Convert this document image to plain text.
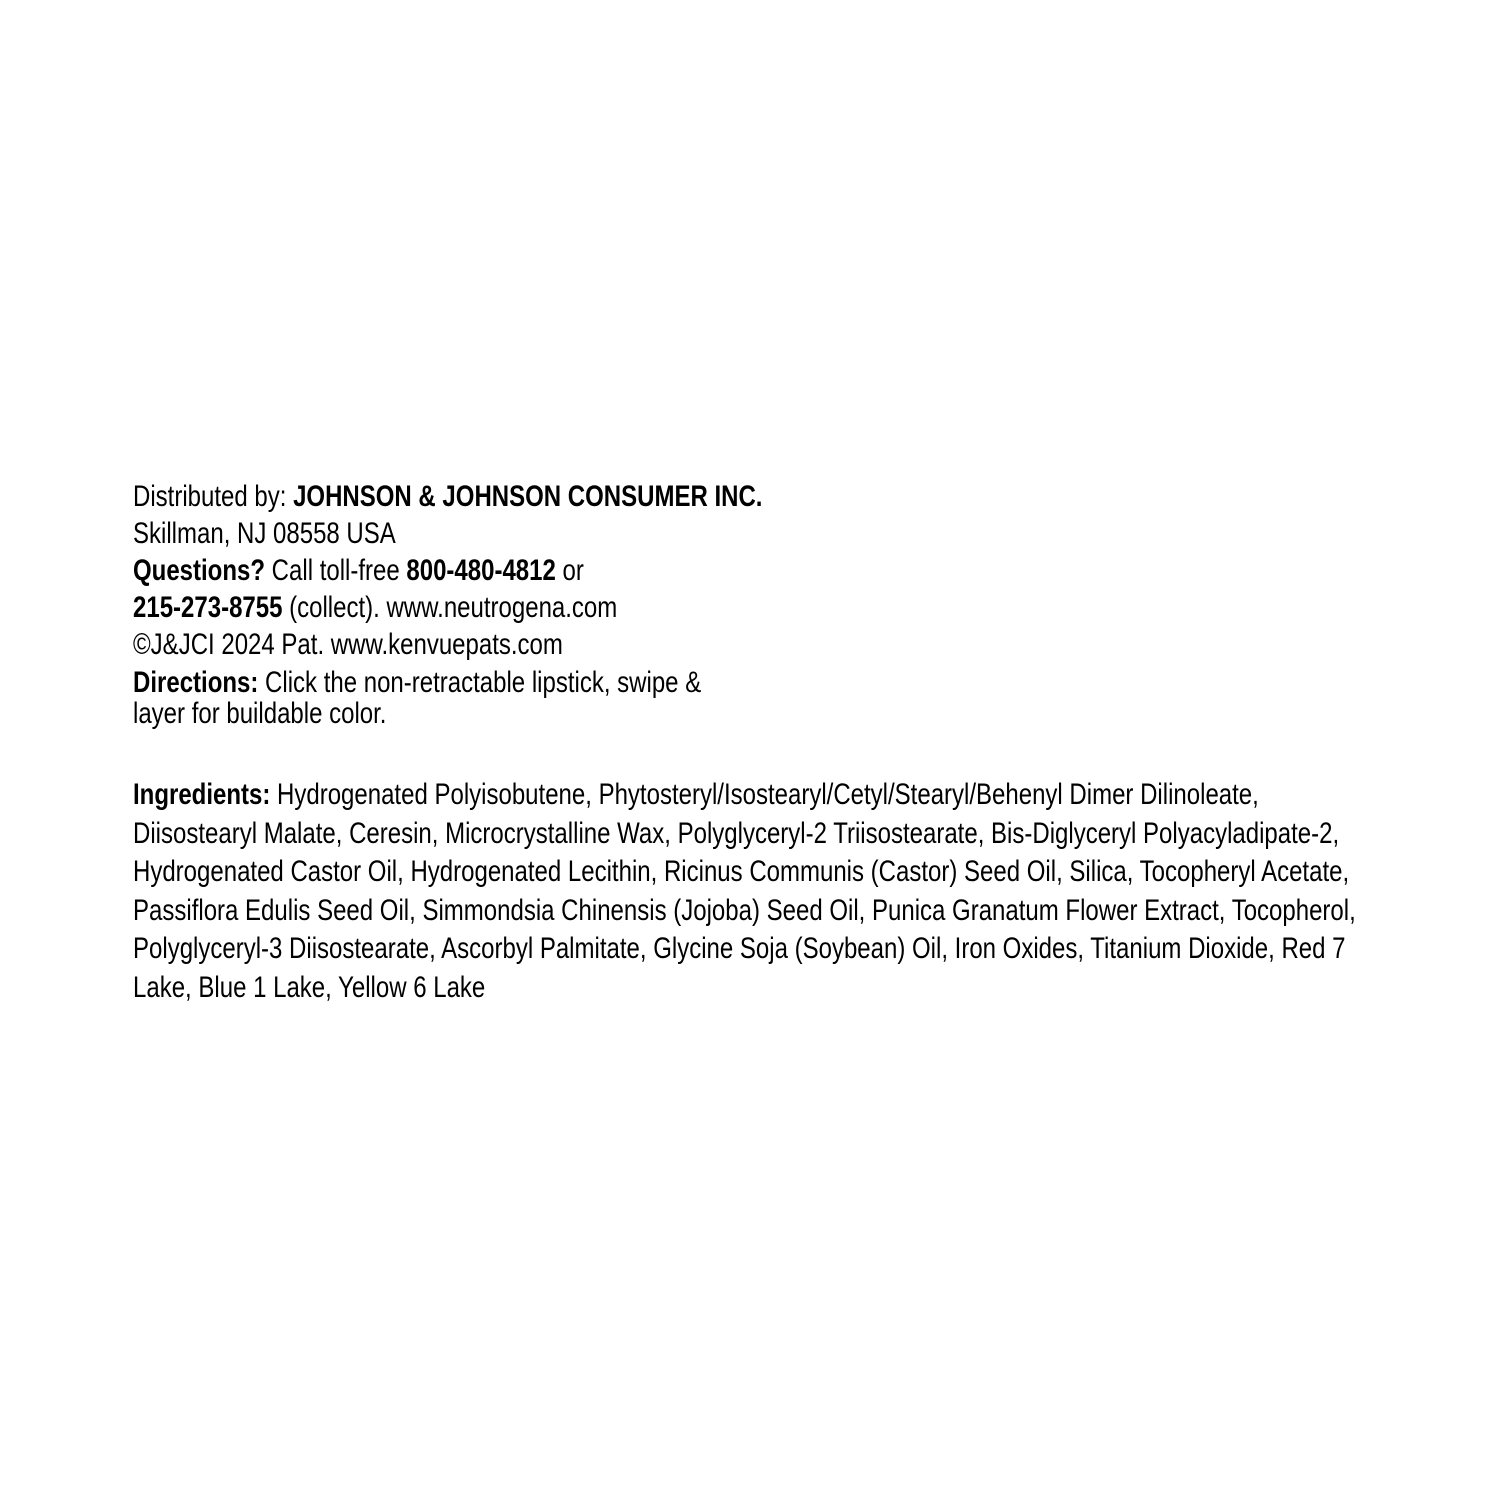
Distributed by: JOHNSON & JOHNSON CONSUMER INC.
Skillman, NJ 08558 USA
Questions? Call toll-free 800-480-4812 or
215-273-8755 (collect). www.neutrogena.com
©J&JCI 2024 Pat. www.kenvuepats.com
Directions: Click the non-retractable lipstick, swipe &
layer for buildable color.
Ingredients: Hydrogenated Polyisobutene, Phytosteryl/Isostearyl/Cetyl/Stearyl/Behenyl Dimer Dilinoleate, Diisostearyl Malate, Ceresin, Microcrystalline Wax, Polyglyceryl-2 Triisostearate, Bis-Diglyceryl Polyacyladipate-2, Hydrogenated Castor Oil, Hydrogenated Lecithin, Ricinus Communis (Castor) Seed Oil, Silica, Tocopheryl Acetate, Passiflora Edulis Seed Oil, Simmondsia Chinensis (Jojoba) Seed Oil, Punica Granatum Flower Extract, Tocopherol, Polyglyceryl-3 Diisostearate, Ascorbyl Palmitate, Glycine Soja (Soybean) Oil, Iron Oxides, Titanium Dioxide, Red 7 Lake, Blue 1 Lake, Yellow 6 Lake
